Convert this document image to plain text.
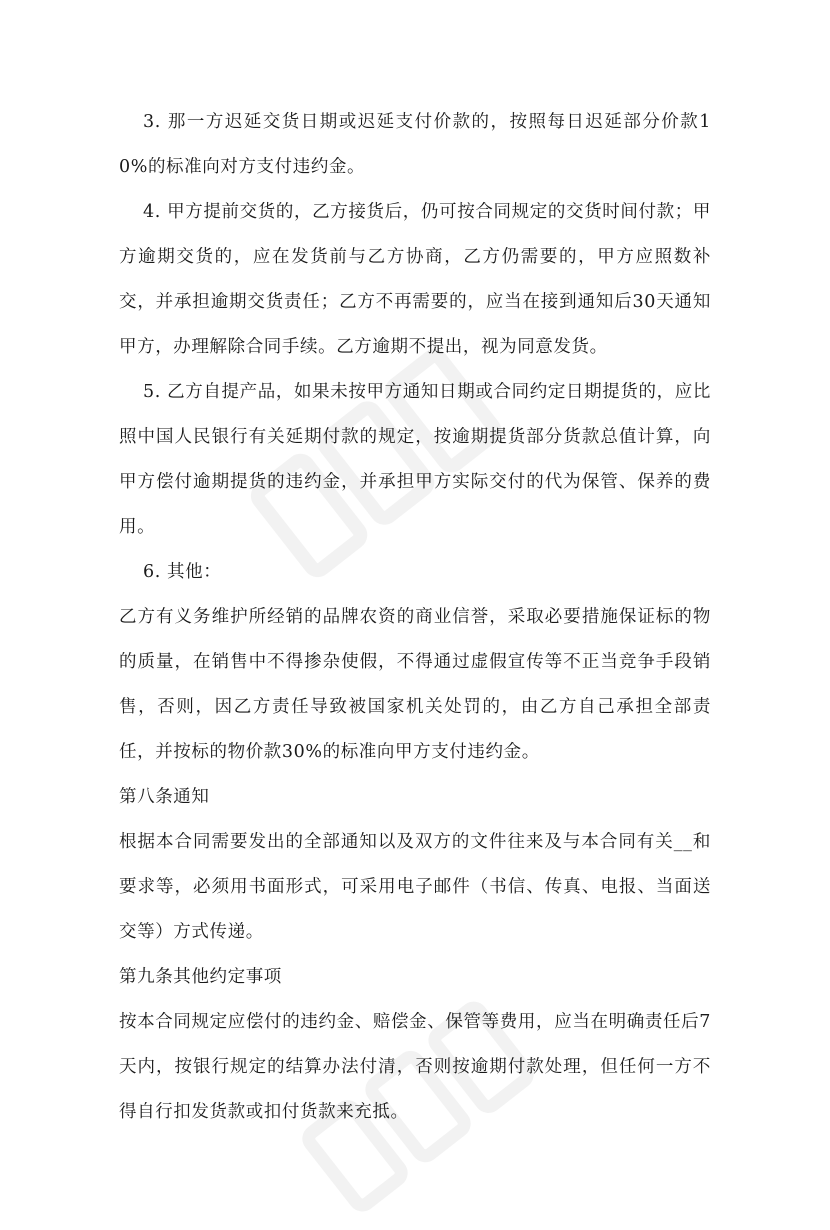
3. 那一方迟延交货日期或迟延支付价款的，按照每日迟延部分价款10%的标准向对方支付违约金。

4. 甲方提前交货的，乙方接货后，仍可按合同规定的交货时间付款；甲方逾期交货的，应在发货前与乙方协商，乙方仍需要的，甲方应照数补交，并承担逾期交货责任；乙方不再需要的，应当在接到通知后30天通知甲方，办理解除合同手续。乙方逾期不提出，视为同意发货。

5. 乙方自提产品，如果未按甲方通知日期或合同约定日期提货的，应比照中国人民银行有关延期付款的规定，按逾期提货部分货款总值计算，向甲方偿付逾期提货的违约金，并承担甲方实际交付的代为保管、保养的费用。

6. 其他：

乙方有义务维护所经销的品牌农资的商业信誉，采取必要措施保证标的物的质量，在销售中不得掺杂使假，不得通过虚假宣传等不正当竞争手段销售，否则，因乙方责任导致被国家机关处罚的，由乙方自己承担全部责任，并按标的物价款30%的标准向甲方支付违约金。

第八条通知

根据本合同需要发出的全部通知以及双方的文件往来及与本合同有关__和要求等，必须用书面形式，可采用电子邮件（书信、传真、电报、当面送交等）方式传递。

第九条其他约定事项

按本合同规定应偿付的违约金、赔偿金、保管等费用，应当在明确责任后7天内，按银行规定的结算办法付清，否则按逾期付款处理，但任何一方不得自行扣发货款或扣付货款来充抵。
